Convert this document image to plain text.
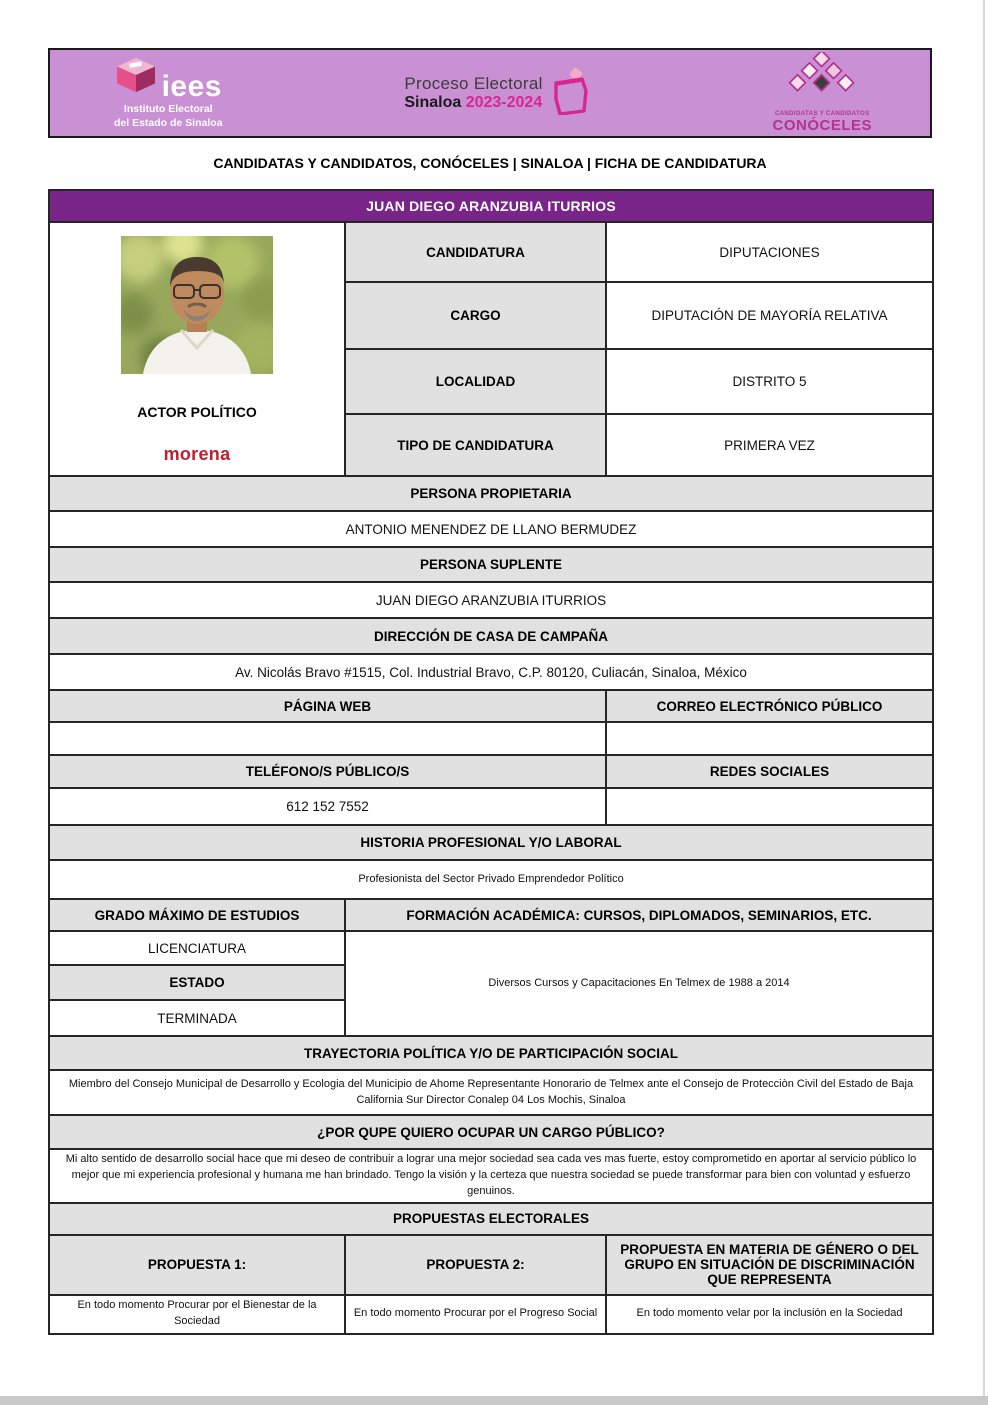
iees
Instituto Electoral
del Estado de Sinaloa
Proceso Electoral
Sinaloa 2023-2024
CANDIDATAS Y CANDIDATOS
CONÓCELES
CANDIDATAS Y CANDIDATOS, CONÓCELES | SINALOA | FICHA DE CANDIDATURA
JUAN DIEGO ARANZUBIA ITURRIOS		

ACTOR POLÍTICO
morena	CANDIDATURA	DIPUTACIONES
	CARGO	DIPUTACIÓN DE MAYORÍA RELATIVA
	LOCALIDAD	DISTRITO 5
	TIPO DE CANDIDATURA	PRIMERA VEZ
PERSONA PROPIETARIA		
ANTONIO MENENDEZ DE LLANO BERMUDEZ		
PERSONA SUPLENTE		
JUAN DIEGO ARANZUBIA ITURRIOS		
DIRECCIÓN DE CASA DE CAMPAÑA		
Av. Nicolás Bravo #1515, Col. Industrial Bravo, C.P. 80120, Culiacán, Sinaloa, México		
PÁGINA WEB		CORREO ELECTRÓNICO PÚBLICO

TELÉFONO/S PÚBLICO/S		REDES SOCIALES
612 152 7552		
HISTORIA PROFESIONAL Y/O LABORAL		
Profesionista del Sector Privado Emprendedor Político		
GRADO MÁXIMO DE ESTUDIOS	FORMACIÓN ACADÉMICA: CURSOS, DIPLOMADOS, SEMINARIOS, ETC.	
LICENCIATURA	Diversos Cursos y Capacitaciones En Telmex de 1988 a 2014	
ESTADO		
TERMINADA		
TRAYECTORIA POLÍTICA Y/O DE PARTICIPACIÓN SOCIAL		
Miembro del Consejo Municipal de Desarrollo y Ecologia del Municipio de Ahome Representante Honorario de Telmex ante el Consejo de Protecciòn Civil del Estado de Baja California Sur Director Conalep 04 Los Mochis, Sinaloa		
¿POR QUPE QUIERO OCUPAR UN CARGO PÚBLICO?		
Mi alto sentido de desarrollo social hace que mi deseo de contribuir a lograr una mejor sociedad sea cada ves mas fuerte, estoy comprometido en aportar al servicio público lo mejor que mi experiencia profesional y humana me han brindado. Tengo la visión y la certeza que nuestra sociedad se puede transformar para bien con voluntad y esfuerzo genuinos.		
PROPUESTAS ELECTORALES		
PROPUESTA 1:	PROPUESTA 2:	PROPUESTA EN MATERIA DE GÉNERO O DEL GRUPO EN SITUACIÓN DE DISCRIMINACIÓN QUE REPRESENTA
En todo momento Procurar por el Bienestar de la Sociedad	En todo momento Procurar por el Progreso Social	En todo momento velar por la inclusión en la Sociedad
